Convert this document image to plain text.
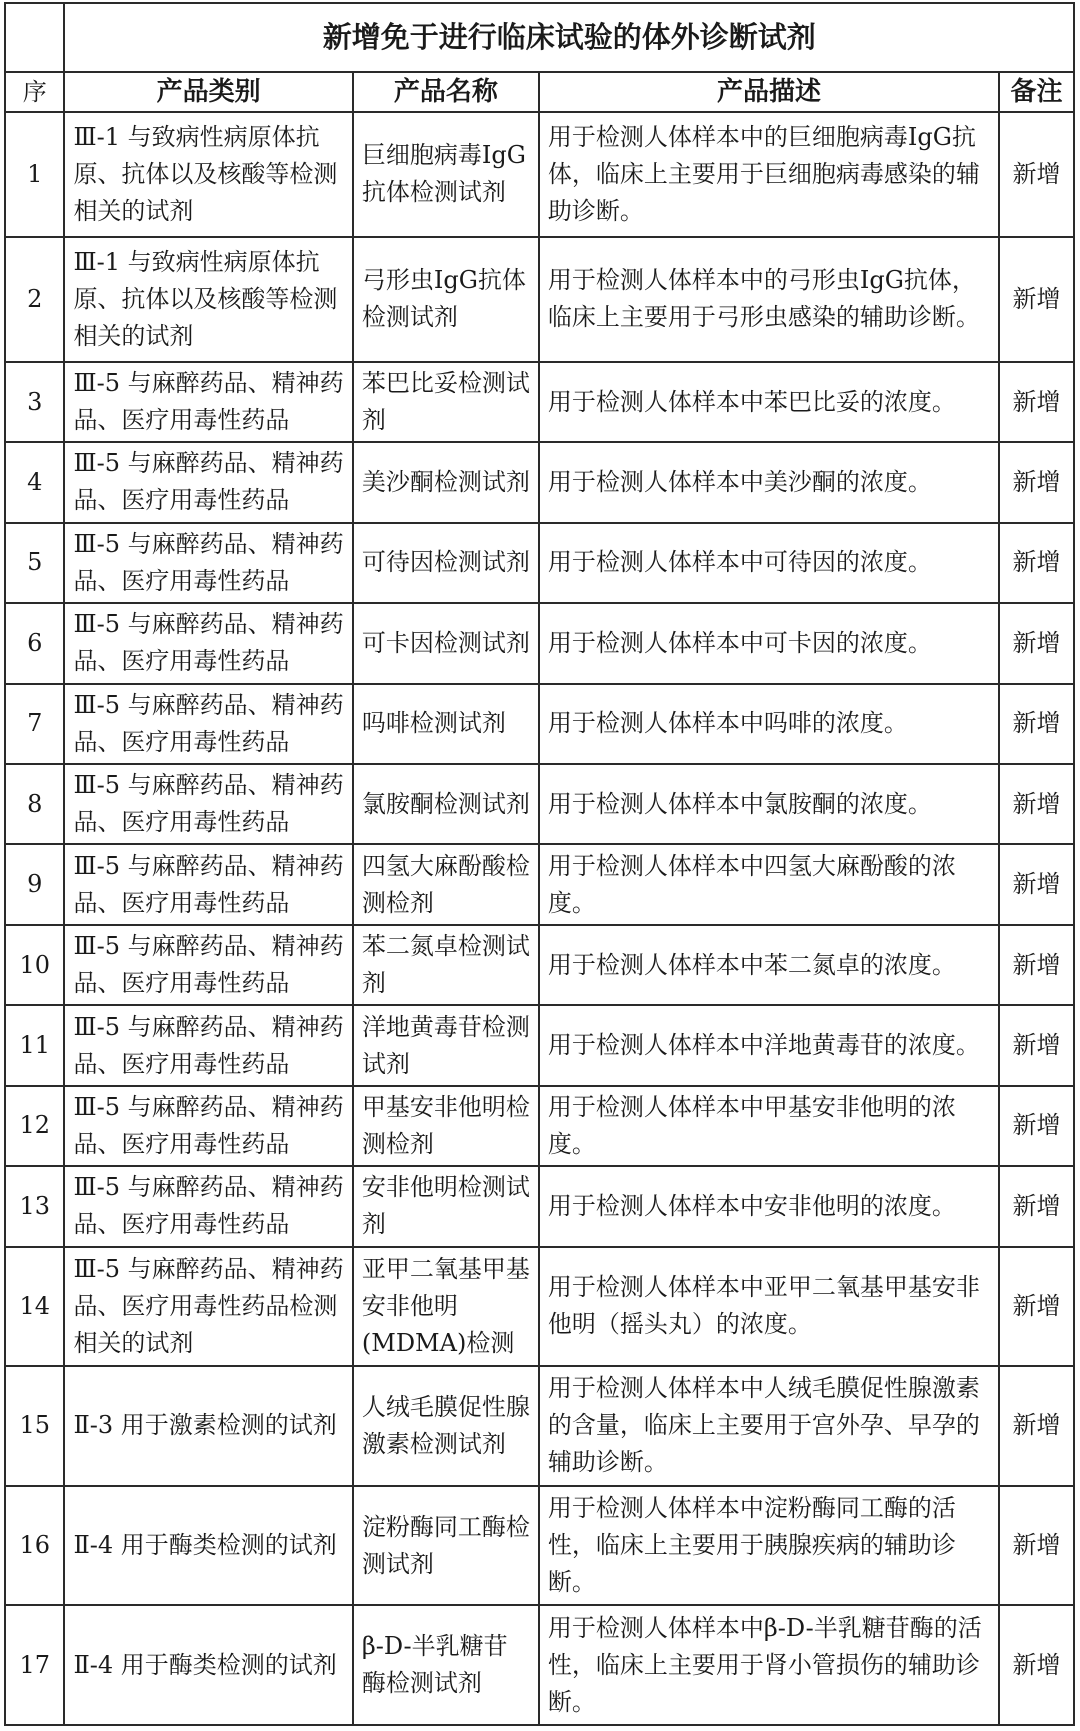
	新增免于进行临床试验的体外诊断试剂			
序	产品类别	产品名称	产品描述	备注
1	Ⅲ-1 与致病性病原体抗原、抗体以及核酸等检测相关的试剂	巨细胞病毒IgG抗体检测试剂	用于检测人体样本中的巨细胞病毒IgG抗体，临床上主要用于巨细胞病毒感染的辅助诊断。	新增
2	Ⅲ-1 与致病性病原体抗原、抗体以及核酸等检测相关的试剂	弓形虫IgG抗体检测试剂	用于检测人体样本中的弓形虫IgG抗体，临床上主要用于弓形虫感染的辅助诊断。	新增
3	Ⅲ-5 与麻醉药品、精神药品、医疗用毒性药品	苯巴比妥检测试剂	用于检测人体样本中苯巴比妥的浓度。	新增
4	Ⅲ-5 与麻醉药品、精神药品、医疗用毒性药品	美沙酮检测试剂	用于检测人体样本中美沙酮的浓度。	新增
5	Ⅲ-5 与麻醉药品、精神药品、医疗用毒性药品	可待因检测试剂	用于检测人体样本中可待因的浓度。	新增
6	Ⅲ-5 与麻醉药品、精神药品、医疗用毒性药品	可卡因检测试剂	用于检测人体样本中可卡因的浓度。	新增
7	Ⅲ-5 与麻醉药品、精神药品、医疗用毒性药品	吗啡检测试剂	用于检测人体样本中吗啡的浓度。	新增
8	Ⅲ-5 与麻醉药品、精神药品、医疗用毒性药品	氯胺酮检测试剂	用于检测人体样本中氯胺酮的浓度。	新增
9	Ⅲ-5 与麻醉药品、精神药品、医疗用毒性药品	四氢大麻酚酸检测检剂	用于检测人体样本中四氢大麻酚酸的浓度。	新增
10	Ⅲ-5 与麻醉药品、精神药品、医疗用毒性药品	苯二氮卓检测试剂	用于检测人体样本中苯二氮卓的浓度。	新增
11	Ⅲ-5 与麻醉药品、精神药品、医疗用毒性药品	洋地黄毒苷检测试剂	用于检测人体样本中洋地黄毒苷的浓度。	新增
12	Ⅲ-5 与麻醉药品、精神药品、医疗用毒性药品	甲基安非他明检测检剂	用于检测人体样本中甲基安非他明的浓度。	新增
13	Ⅲ-5 与麻醉药品、精神药品、医疗用毒性药品	安非他明检测试剂	用于检测人体样本中安非他明的浓度。	新增
14	Ⅲ-5 与麻醉药品、精神药品、医疗用毒性药品检测相关的试剂	亚甲二氧基甲基安非他明(MDMA)检测	用于检测人体样本中亚甲二氧基甲基安非他明（摇头丸）的浓度。	新增
15	Ⅱ-3 用于激素检测的试剂	人绒毛膜促性腺激素检测试剂	用于检测人体样本中人绒毛膜促性腺激素的含量，临床上主要用于宫外孕、早孕的辅助诊断。	新增
16	Ⅱ-4 用于酶类检测的试剂	淀粉酶同工酶检测试剂	用于检测人体样本中淀粉酶同工酶的活性，临床上主要用于胰腺疾病的辅助诊断。	新增
17	Ⅱ-4 用于酶类检测的试剂	β-D-半乳糖苷酶检测试剂	用于检测人体样本中β-D-半乳糖苷酶的活性，临床上主要用于肾小管损伤的辅助诊断。	新增
